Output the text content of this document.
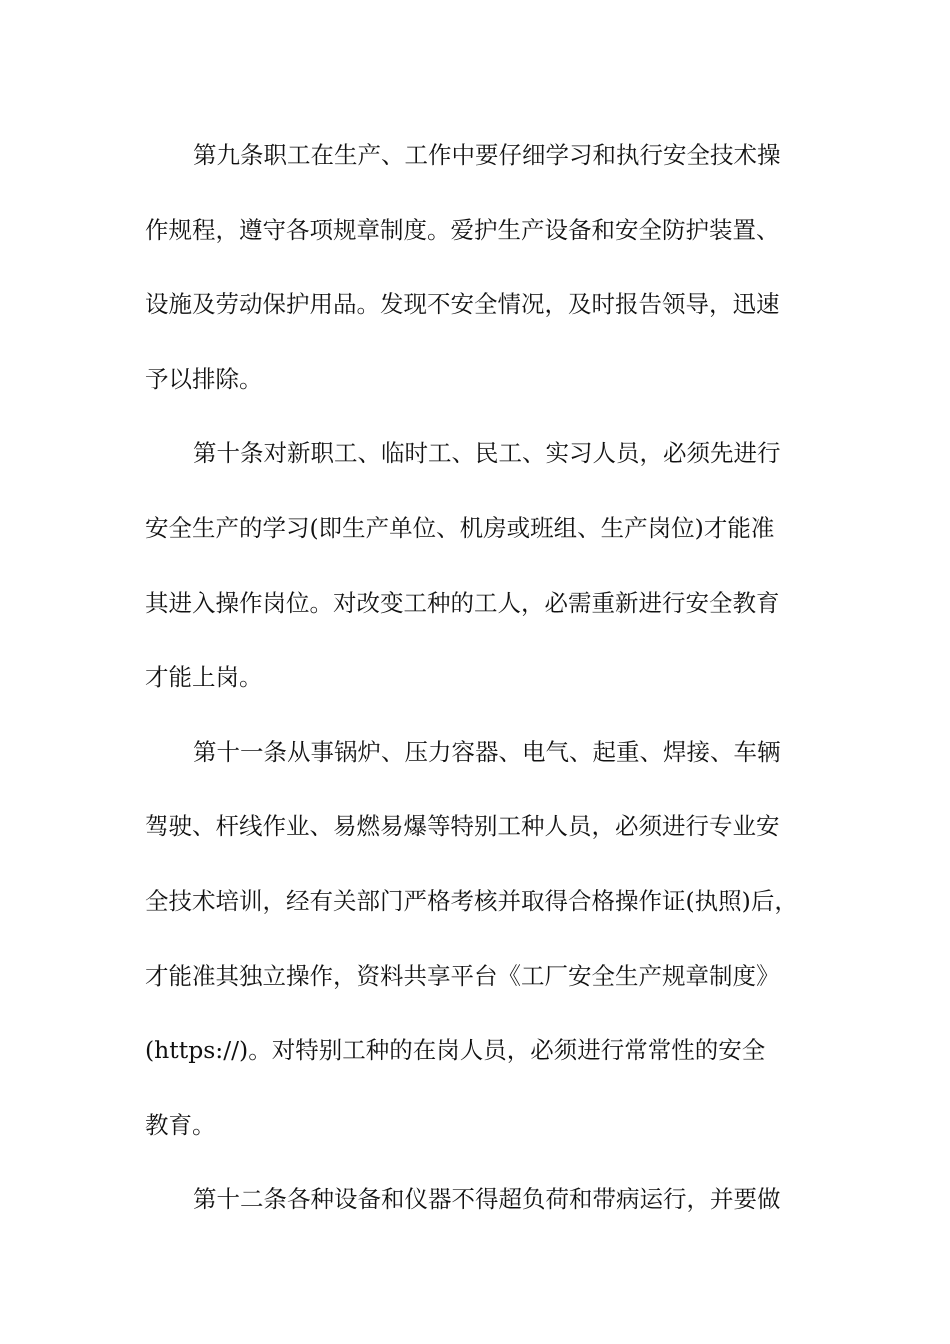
第九条职工在生产、工作中要仔细学习和执行安全技术操
作规程，遵守各项规章制度。爱护生产设备和安全防护装置、
设施及劳动保护用品。发现不安全情况，及时报告领导，迅速
予以排除。
第十条对新职工、临时工、民工、实习人员，必须先进行
安全生产的学习(即生产单位、机房或班组、生产岗位)才能准
其进入操作岗位。对改变工种的工人，必需重新进行安全教育
才能上岗。
第十一条从事锅炉、压力容器、电气、起重、焊接、车辆
驾驶、杆线作业、易燃易爆等特别工种人员，必须进行专业安
全技术培训，经有关部门严格考核并取得合格操作证(执照)后，
才能准其独立操作，资料共享平台《工厂安全生产规章制度》
(https://)。对特别工种的在岗人员，必须进行常常性的安全
教育。
第十二条各种设备和仪器不得超负荷和带病运行，并要做
